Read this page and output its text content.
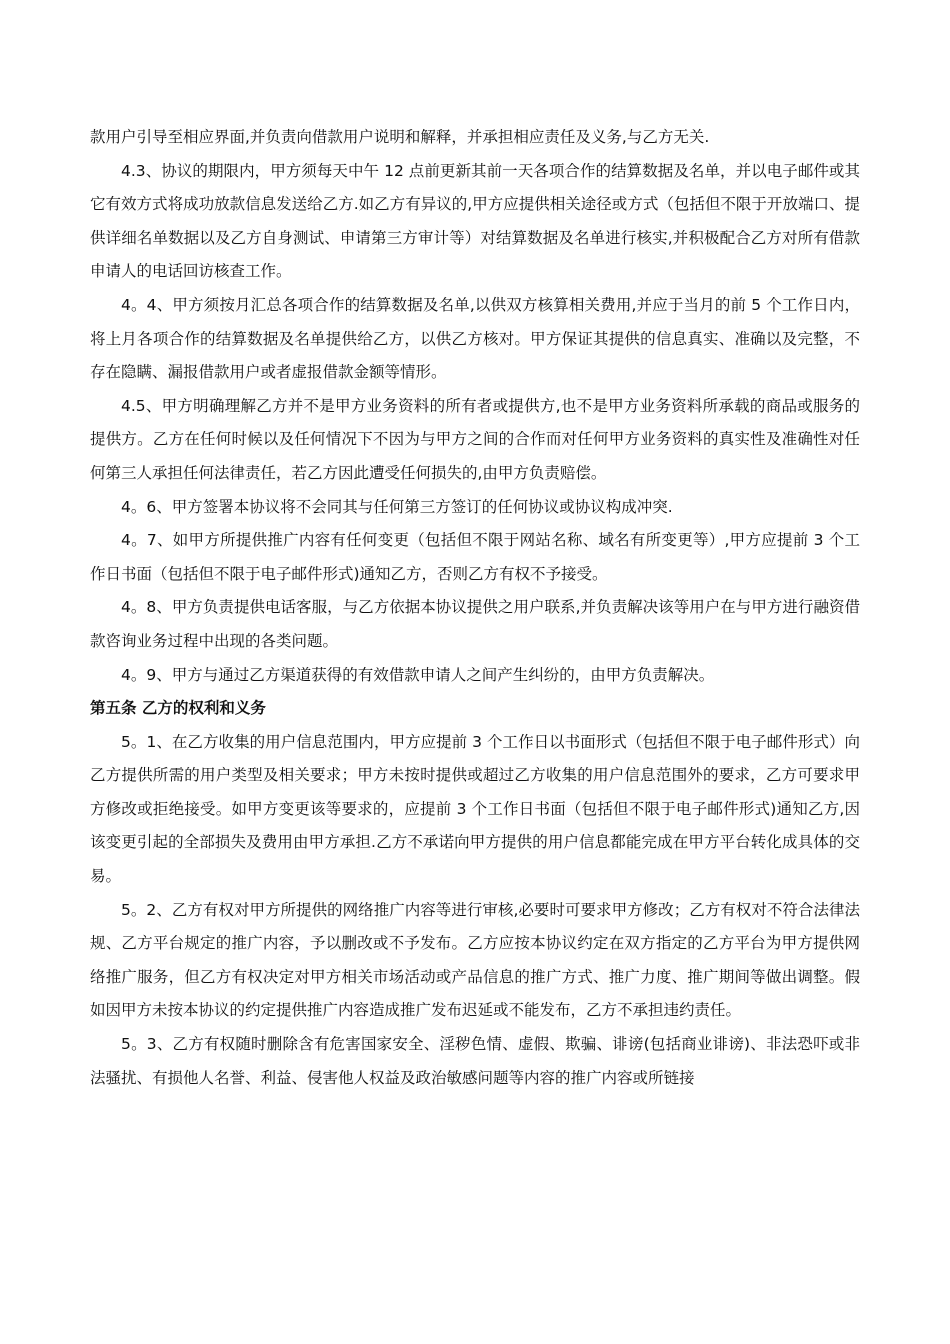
款用户引导至相应界面,并负责向借款用户说明和解释，并承担相应责任及义务,与乙方无关.

4.3、协议的期限内，甲方须每天中午 12 点前更新其前一天各项合作的结算数据及名单，并以电子邮件或其它有效方式将成功放款信息发送给乙方.如乙方有异议的,甲方应提供相关途径或方式（包括但不限于开放端口、提供详细名单数据以及乙方自身测试、申请第三方审计等）对结算数据及名单进行核实,并积极配合乙方对所有借款申请人的电话回访核查工作。

4。4、甲方须按月汇总各项合作的结算数据及名单,以供双方核算相关费用,并应于当月的前 5 个工作日内，将上月各项合作的结算数据及名单提供给乙方，以供乙方核对。甲方保证其提供的信息真实、准确以及完整，不存在隐瞒、漏报借款用户或者虚报借款金额等情形。

4.5、甲方明确理解乙方并不是甲方业务资料的所有者或提供方,也不是甲方业务资料所承载的商品或服务的提供方。乙方在任何时候以及任何情况下不因为与甲方之间的合作而对任何甲方业务资料的真实性及准确性对任何第三人承担任何法律责任，若乙方因此遭受任何损失的,由甲方负责赔偿。

4。6、甲方签署本协议将不会同其与任何第三方签订的任何协议或协议构成冲突.

4。7、如甲方所提供推广内容有任何变更（包括但不限于网站名称、域名有所变更等）,甲方应提前 3 个工作日书面（包括但不限于电子邮件形式)通知乙方，否则乙方有权不予接受。

4。8、甲方负责提供电话客服，与乙方依据本协议提供之用户联系,并负责解决该等用户在与甲方进行融资借款咨询业务过程中出现的各类问题。

4。9、甲方与通过乙方渠道获得的有效借款申请人之间产生纠纷的，由甲方负责解决。

第五条 乙方的权利和义务

5。1、在乙方收集的用户信息范围内，甲方应提前 3 个工作日以书面形式（包括但不限于电子邮件形式）向乙方提供所需的用户类型及相关要求；甲方未按时提供或超过乙方收集的用户信息范围外的要求，乙方可要求甲方修改或拒绝接受。如甲方变更该等要求的，应提前 3 个工作日书面（包括但不限于电子邮件形式)通知乙方,因该变更引起的全部损失及费用由甲方承担.乙方不承诺向甲方提供的用户信息都能完成在甲方平台转化成具体的交易。

5。2、乙方有权对甲方所提供的网络推广内容等进行审核,必要时可要求甲方修改；乙方有权对不符合法律法规、乙方平台规定的推广内容，予以删改或不予发布。乙方应按本协议约定在双方指定的乙方平台为甲方提供网络推广服务，但乙方有权决定对甲方相关市场活动或产品信息的推广方式、推广力度、推广期间等做出调整。假如因甲方未按本协议的约定提供推广内容造成推广发布迟延或不能发布，乙方不承担违约责任。

5。3、乙方有权随时删除含有危害国家安全、淫秽色情、虚假、欺骗、诽谤(包括商业诽谤)、非法恐吓或非法骚扰、有损他人名誉、利益、侵害他人权益及政治敏感问题等内容的推广内容或所链接
